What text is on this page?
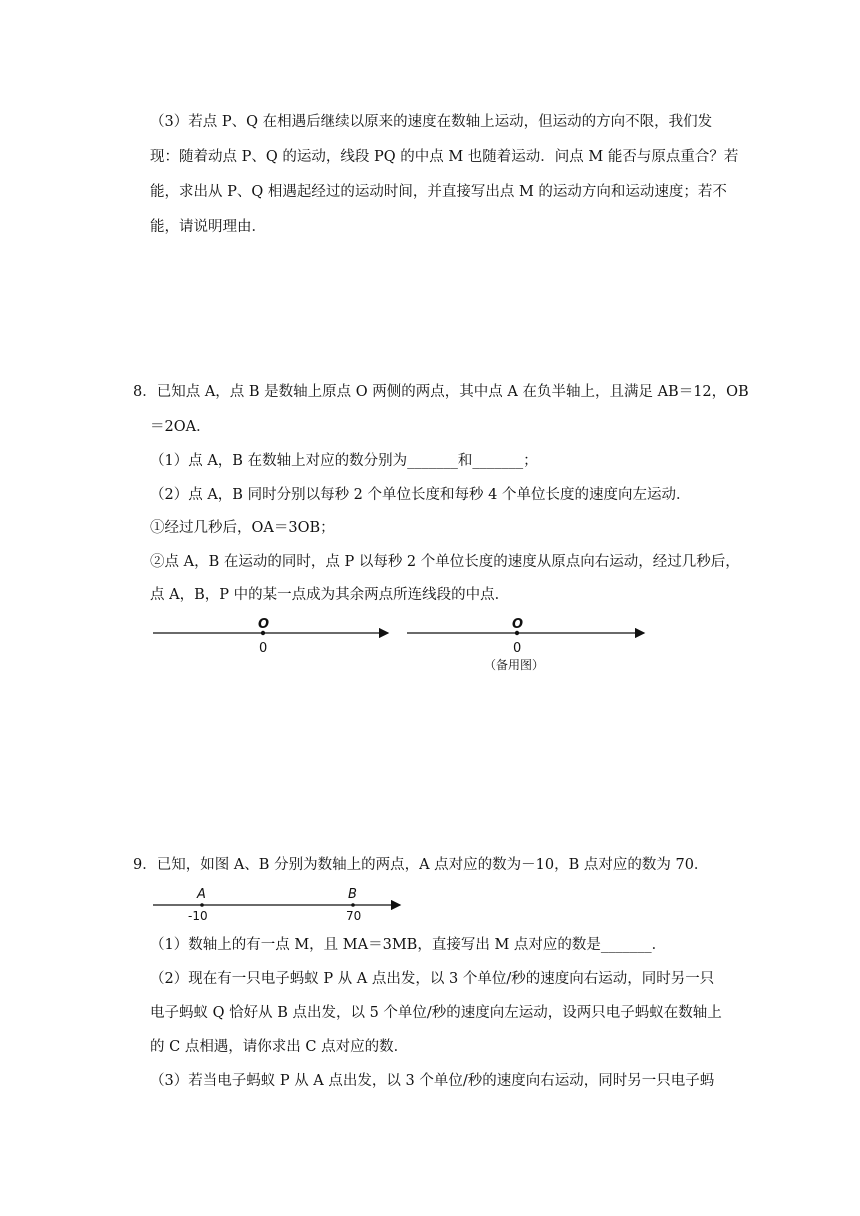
（3）若点 P、Q 在相遇后继续以原来的速度在数轴上运动，但运动的方向不限，我们发
现：随着动点 P、Q 的运动，线段 PQ 的中点 M 也随着运动．问点 M 能否与原点重合？若
能，求出从 P、Q 相遇起经过的运动时间，并直接写出点 M 的运动方向和运动速度；若不
能，请说明理由．
8．已知点 A，点 B 是数轴上原点 O 两侧的两点，其中点 A 在负半轴上，且满足 AB＝12，OB
＝2OA．
（1）点 A，B 在数轴上对应的数分别为_______和_______；
（2）点 A，B 同时分别以每秒 2 个单位长度和每秒 4 个单位长度的速度向左运动．
①经过几秒后，OA＝3OB；
②点 A，B 在运动的同时，点 P 以每秒 2 个单位长度的速度从原点向右运动，经过几秒后，
点 A，B，P 中的某一点成为其余两点所连线段的中点．
O
0
O
0
（备用图）
9．已知，如图 A、B 分别为数轴上的两点，A 点对应的数为－10，B 点对应的数为 70．
A
-10
B
70
（1）数轴上的有一点 M，且 MA＝3MB，直接写出 M 点对应的数是_______．
（2）现在有一只电子蚂蚁 P 从 A 点出发，以 3 个单位/秒的速度向右运动，同时另一只
电子蚂蚁 Q 恰好从 B 点出发，以 5 个单位/秒的速度向左运动，设两只电子蚂蚁在数轴上
的 C 点相遇，请你求出 C 点对应的数．
（3）若当电子蚂蚁 P 从 A 点出发，以 3 个单位/秒的速度向右运动，同时另一只电子蚂
